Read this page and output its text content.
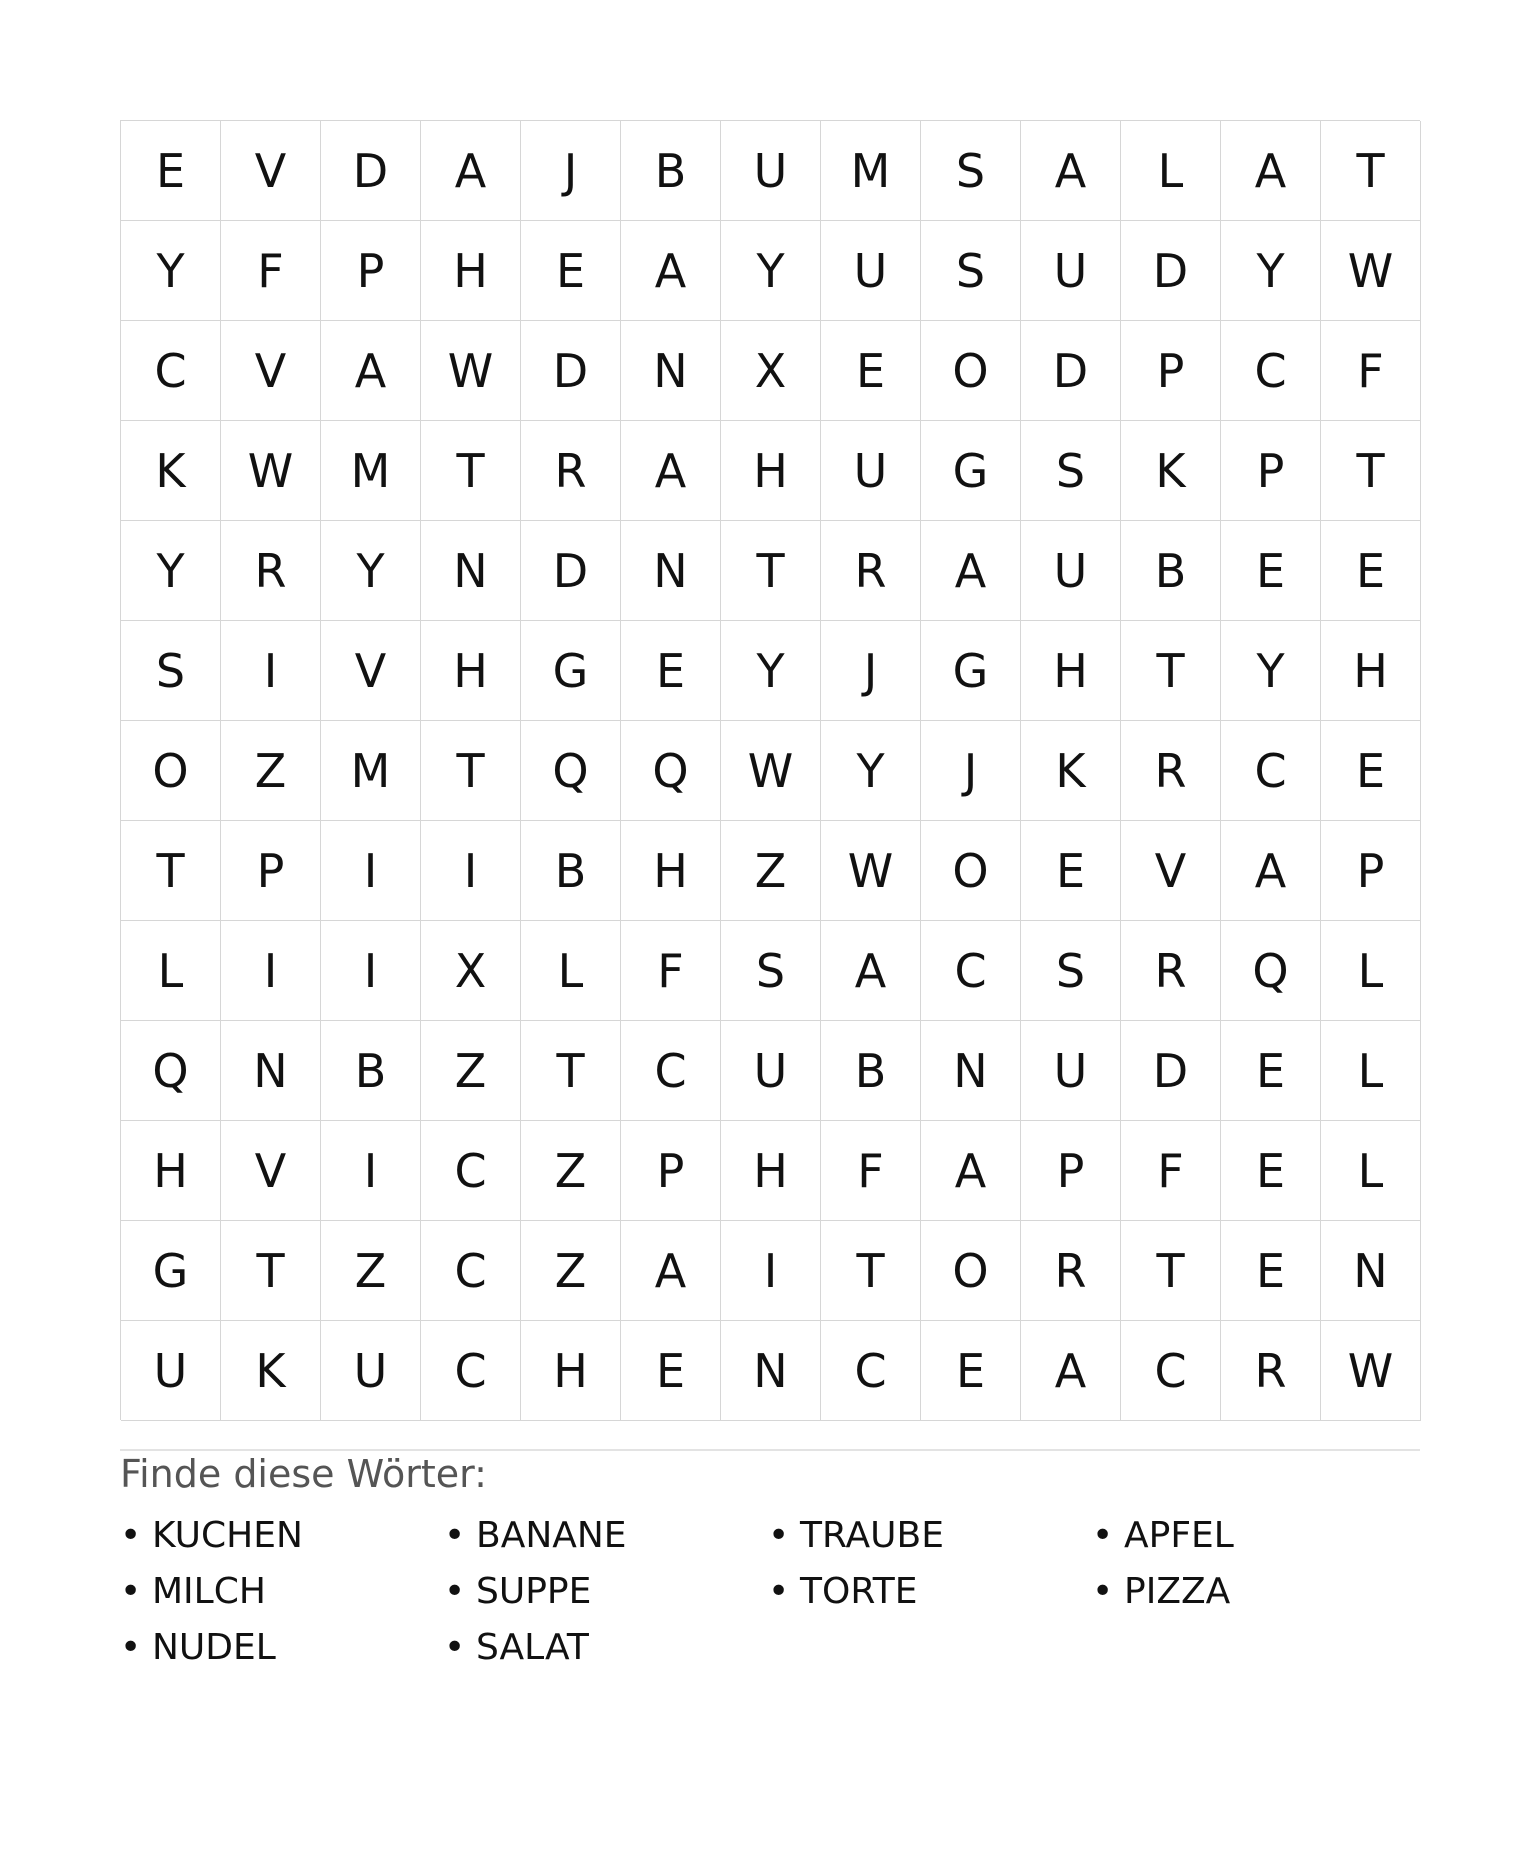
E	V	D	A	J	B	U	M	S	A	L	A	T
Y	F	P	H	E	A	Y	U	S	U	D	Y	W
C	V	A	W	D	N	X	E	O	D	P	C	F
K	W	M	T	R	A	H	U	G	S	K	P	T
Y	R	Y	N	D	N	T	R	A	U	B	E	E
S	I	V	H	G	E	Y	J	G	H	T	Y	H
O	Z	M	T	Q	Q	W	Y	J	K	R	C	E
T	P	I	I	B	H	Z	W	O	E	V	A	P
L	I	I	X	L	F	S	A	C	S	R	Q	L
Q	N	B	Z	T	C	U	B	N	U	D	E	L
H	V	I	C	Z	P	H	F	A	P	F	E	L
G	T	Z	C	Z	A	I	T	O	R	T	E	N
U	K	U	C	H	E	N	C	E	A	C	R	W
Finde diese Wörter:
• KUCHEN	• BANANE	• TRAUBE	• APFEL
• MILCH	• SUPPE	• TORTE	• PIZZA
• NUDEL	• SALAT
